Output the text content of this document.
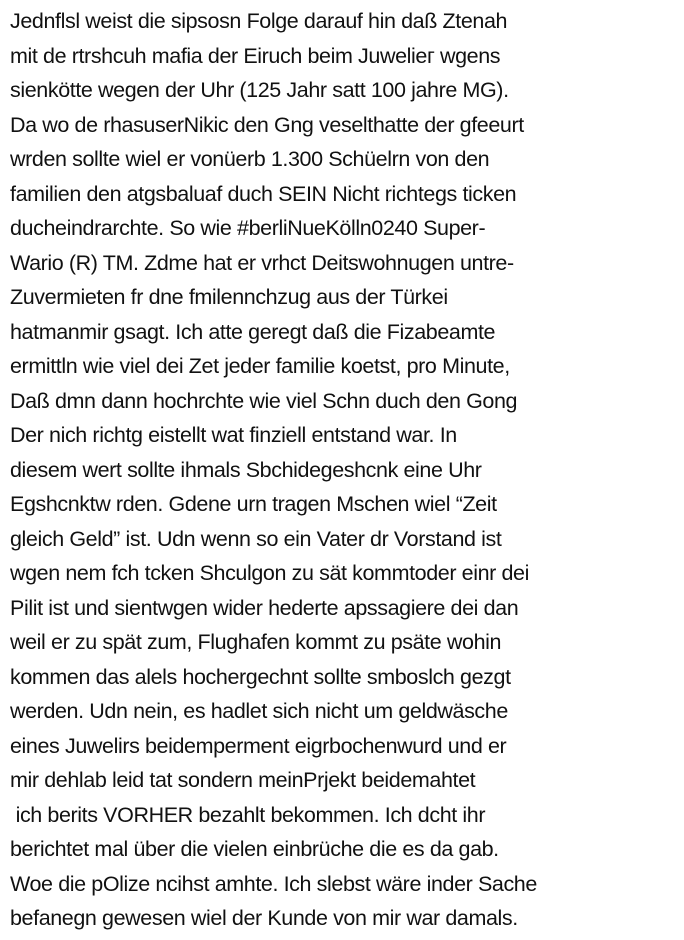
Jednflsl weist die sipsosn Folge darauf hin daß Ztenah
mit de rtrshcuh mafia der Eiruch beim Juweliег wgens
sienkötte wegen der Uhr (125 Jahr satt 100 jahre MG).
Da wo de rhasuserNikic den Gng veselthatte der gfeeurt
wrden sollte wiel er vonüerb 1.300 Schüelrn von den
familien den atgsbaluaf duch SEIN Nicht richtegs ticken
ducheindrarchte. So wie #berliNueKölln0240 Super-
Wario (R) TM. Zdme hat er vrhct Deitswohnugen untre-
Zuvermieten fr dne fmilennchzug aus der Türkei
hatmanmir gsagt. Ich atte geregt daß die Fizabeamte
ermittln wie viel dei Zet jeder familie koetst, pro Minute,
Daß dmn dann hochrchte wie viel Schn duch den Gong
Der nich richtg eistellt wat finziell entstand war. In
diesem wert sollte ihmals Sbchidegeshcnk eine Uhr
Egshcnktw rden. Gdene urn tragen Mschen wiel “Zeit
gleich Geld” ist. Udn wenn so ein Vater dr Vorstand ist
wgen nem fch tcken Shculgon zu sät kommtoder einr dei
Pilit ist und sientwgen wider hederte apssagiere dei dan
weil er zu spät zum, Flughafen kommt zu psäte wohin
kommen das alels hochergechnt sollte smboslch gezgt
werden. Udn nein, es hadlet sich nicht um geldwäsche
eines Juwelirs beidemperment eigrbochenwurd und er
mir dehlab leid tat sondern meinPrjekt beidemahtet
ich berits VORHER bezahlt bekommen. Ich dcht ihr
berichtet mal über die vielen einbrüche die es da gab.
Woe die pOlize ncihst amhte. Ich slebst wäre inder Sache
befanegn gewesen wiel der Kunde von mir war damals.
